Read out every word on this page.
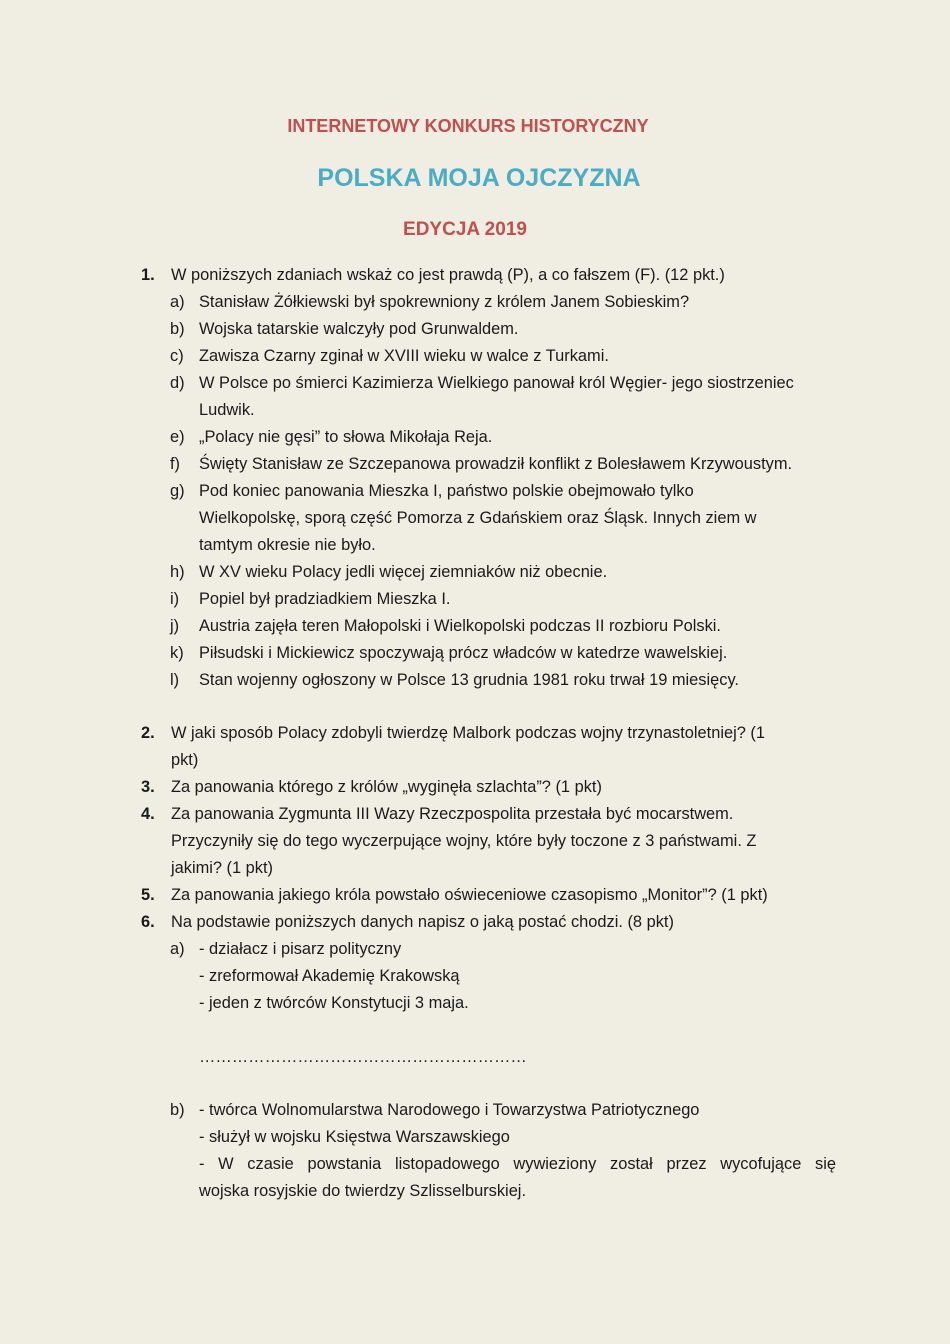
INTERNETOWY KONKURS HISTORYCZNY
POLSKA MOJA OJCZYZNA
EDYCJA 2019
1. W poniższych zdaniach wskaż co jest prawdą (P), a co fałszem (F). (12 pkt.)
a) Stanisław Żółkiewski był spokrewniony z królem Janem Sobieskim?
b) Wojska tatarskie walczyły pod Grunwaldem.
c) Zawisza Czarny zginał w XVIII wieku w walce z Turkami.
d) W Polsce po śmierci Kazimierza Wielkiego panował król Węgier- jego siostrzeniec
Ludwik.
e) „Polacy nie gęsi” to słowa Mikołaja Reja.
f) Święty Stanisław ze Szczepanowa prowadził konflikt z Bolesławem Krzywoustym.
g) Pod koniec panowania Mieszka I, państwo polskie obejmowało tylko
Wielkopolskę, sporą część Pomorza z Gdańskiem oraz Śląsk. Innych ziem w
tamtym okresie nie było.
h) W XV wieku Polacy jedli więcej ziemniaków niż obecnie.
i) Popiel był pradziadkiem Mieszka I.
j) Austria zajęła teren Małopolski i Wielkopolski podczas II rozbioru Polski.
k) Piłsudski i Mickiewicz spoczywają prócz władców w katedrze wawelskiej.
l) Stan wojenny ogłoszony w Polsce 13 grudnia 1981 roku trwał 19 miesięcy.
2. W jaki sposób Polacy zdobyli twierdzę Malbork podczas wojny trzynastoletniej? (1
pkt)
3. Za panowania którego z królów „wyginęła szlachta”? (1 pkt)
4. Za panowania Zygmunta III Wazy Rzeczpospolita przestała być mocarstwem.
Przyczyniły się do tego wyczerpujące wojny, które były toczone z 3 państwami. Z
jakimi? (1 pkt)
5. Za panowania jakiego króla powstało oświeceniowe czasopismo „Monitor”? (1 pkt)
6. Na podstawie poniższych danych napisz o jaką postać chodzi. (8 pkt)
a) - działacz i pisarz polityczny
- zreformował Akademię Krakowską
- jeden z twórców Konstytucji 3 maja.
……………………………………………………
b) - twórca Wolnomularstwa Narodowego i Towarzystwa Patriotycznego
- służył w wojsku Księstwa Warszawskiego
- W czasie powstania listopadowego wywieziony został przez wycofujące się
wojska rosyjskie do twierdzy Szlisselburskiej.
